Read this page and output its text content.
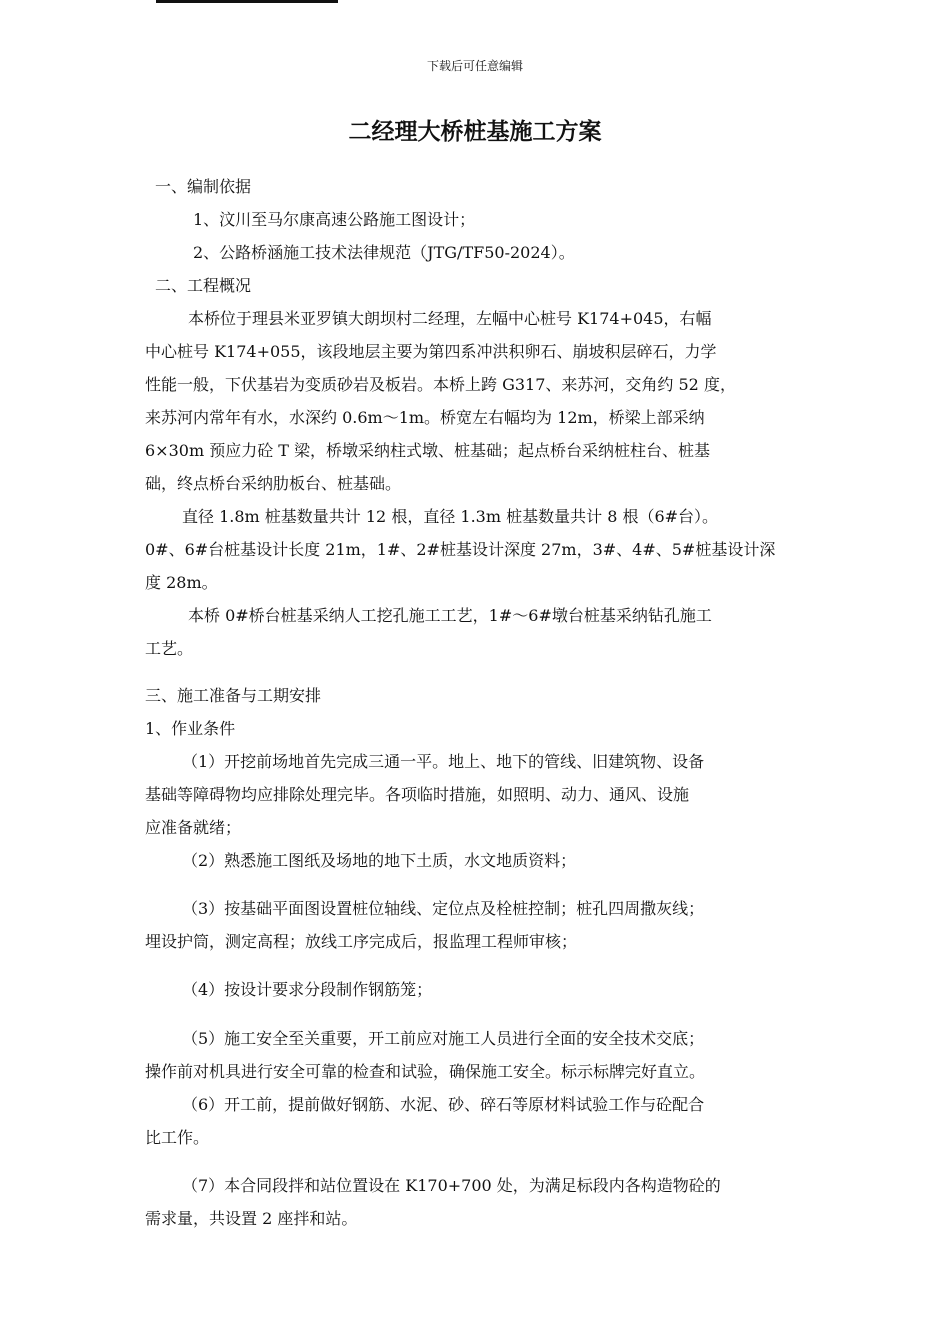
下载后可任意编辑
二经理大桥桩基施工方案
一、编制依据
1、汶川至马尔康高速公路施工图设计；
2、公路桥涵施工技术法律规范（JTG/TF50-2024）。
二、工程概况
本桥位于理县米亚罗镇大朗坝村二经理，左幅中心桩号 K174+045，右幅
中心桩号 K174+055，该段地层主要为第四系冲洪积卵石、崩坡积层碎石，力学
性能一般，下伏基岩为变质砂岩及板岩。本桥上跨 G317、来苏河，交角约 52 度，
来苏河内常年有水，水深约 0.6m～1m。桥宽左右幅均为 12m，桥梁上部采纳
6×30m 预应力砼 T 梁，桥墩采纳柱式墩、桩基础；起点桥台采纳桩柱台、桩基
础，终点桥台采纳肋板台、桩基础。
直径 1.8m 桩基数量共计 12 根，直径 1.3m 桩基数量共计 8 根（6#台）。
0#、6#台桩基设计长度 21m，1#、2#桩基设计深度 27m，3#、4#、5#桩基设计深
度 28m。
本桥 0#桥台桩基采纳人工挖孔施工工艺，1#～6#墩台桩基采纳钻孔施工
工艺。
三、施工准备与工期安排
1、作业条件
（1）开挖前场地首先完成三通一平。地上、地下的管线、旧建筑物、设备
基础等障碍物均应排除处理完毕。各项临时措施，如照明、动力、通风、设施
应准备就绪；
（2）熟悉施工图纸及场地的地下土质，水文地质资料；
（3）按基础平面图设置桩位轴线、定位点及栓桩控制；桩孔四周撒灰线；
埋设护筒，测定高程；放线工序完成后，报监理工程师审核；
（4）按设计要求分段制作钢筋笼；
（5）施工安全至关重要，开工前应对施工人员进行全面的安全技术交底；
操作前对机具进行安全可靠的检查和试验，确保施工安全。标示标牌完好直立。
（6）开工前，提前做好钢筋、水泥、砂、碎石等原材料试验工作与砼配合
比工作。
（7）本合同段拌和站位置设在 K170+700 处，为满足标段内各构造物砼的
需求量，共设置 2 座拌和站。
